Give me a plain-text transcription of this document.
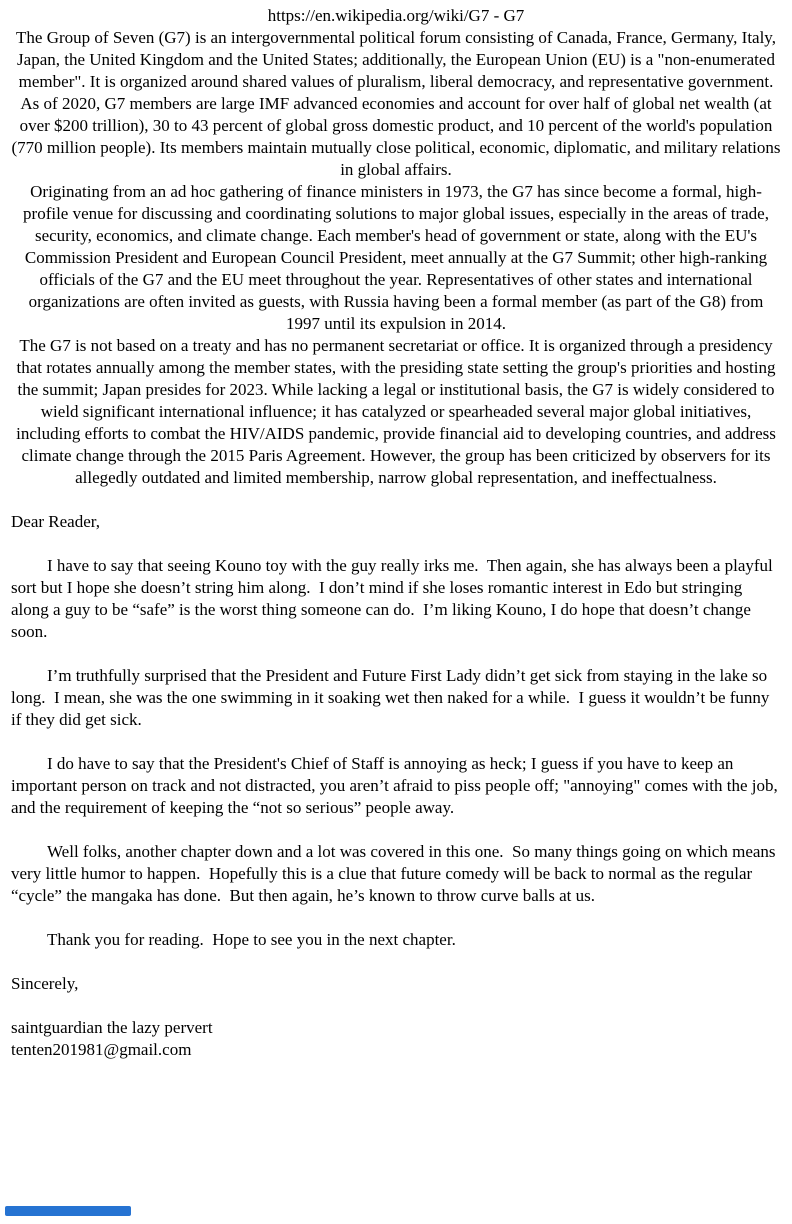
https://en.wikipedia.org/wiki/G7 - G7

The Group of Seven (G7) is an intergovernmental political forum consisting of Canada, France, Germany, Italy, Japan, the United Kingdom and the United States; additionally, the European Union (EU) is a "non-enumerated member". It is organized around shared values of pluralism, liberal democracy, and representative government. As of 2020, G7 members are large IMF advanced economies and account for over half of global net wealth (at over $200 trillion), 30 to 43 percent of global gross domestic product, and 10 percent of the world's population (770 million people). Its members maintain mutually close political, economic, diplomatic, and military relations in global affairs.

Originating from an ad hoc gathering of finance ministers in 1973, the G7 has since become a formal, high-profile venue for discussing and coordinating solutions to major global issues, especially in the areas of trade, security, economics, and climate change. Each member's head of government or state, along with the EU's Commission President and European Council President, meet annually at the G7 Summit; other high-ranking officials of the G7 and the EU meet throughout the year. Representatives of other states and international organizations are often invited as guests, with Russia having been a formal member (as part of the G8) from 1997 until its expulsion in 2014.

The G7 is not based on a treaty and has no permanent secretariat or office. It is organized through a presidency that rotates annually among the member states, with the presiding state setting the group's priorities and hosting the summit; Japan presides for 2023. While lacking a legal or institutional basis, the G7 is widely considered to wield significant international influence; it has catalyzed or spearheaded several major global initiatives, including efforts to combat the HIV/AIDS pandemic, provide financial aid to developing countries, and address climate change through the 2015 Paris Agreement. However, the group has been criticized by observers for its allegedly outdated and limited membership, narrow global representation, and ineffectualness.

Dear Reader,

I have to say that seeing Kouno toy with the guy really irks me.  Then again, she has always been a playful sort but I hope she doesn’t string him along.  I don’t mind if she loses romantic interest in Edo but stringing along a guy to be “safe” is the worst thing someone can do.  I’m liking Kouno, I do hope that doesn’t change soon.

I’m truthfully surprised that the President and Future First Lady didn’t get sick from staying in the lake so long.  I mean, she was the one swimming in it soaking wet then naked for a while.  I guess it wouldn’t be funny if they did get sick.

I do have to say that the President's Chief of Staff is annoying as heck; I guess if you have to keep an important person on track and not distracted, you aren’t afraid to piss people off; "annoying" comes with the job, and the requirement of keeping the “not so serious” people away.

Well folks, another chapter down and a lot was covered in this one.  So many things going on which means very little humor to happen.  Hopefully this is a clue that future comedy will be back to normal as the regular “cycle” the mangaka has done.  But then again, he’s known to throw curve balls at us.

Thank you for reading.  Hope to see you in the next chapter.

Sincerely,

saintguardian the lazy pervert

tenten201981@gmail.com
